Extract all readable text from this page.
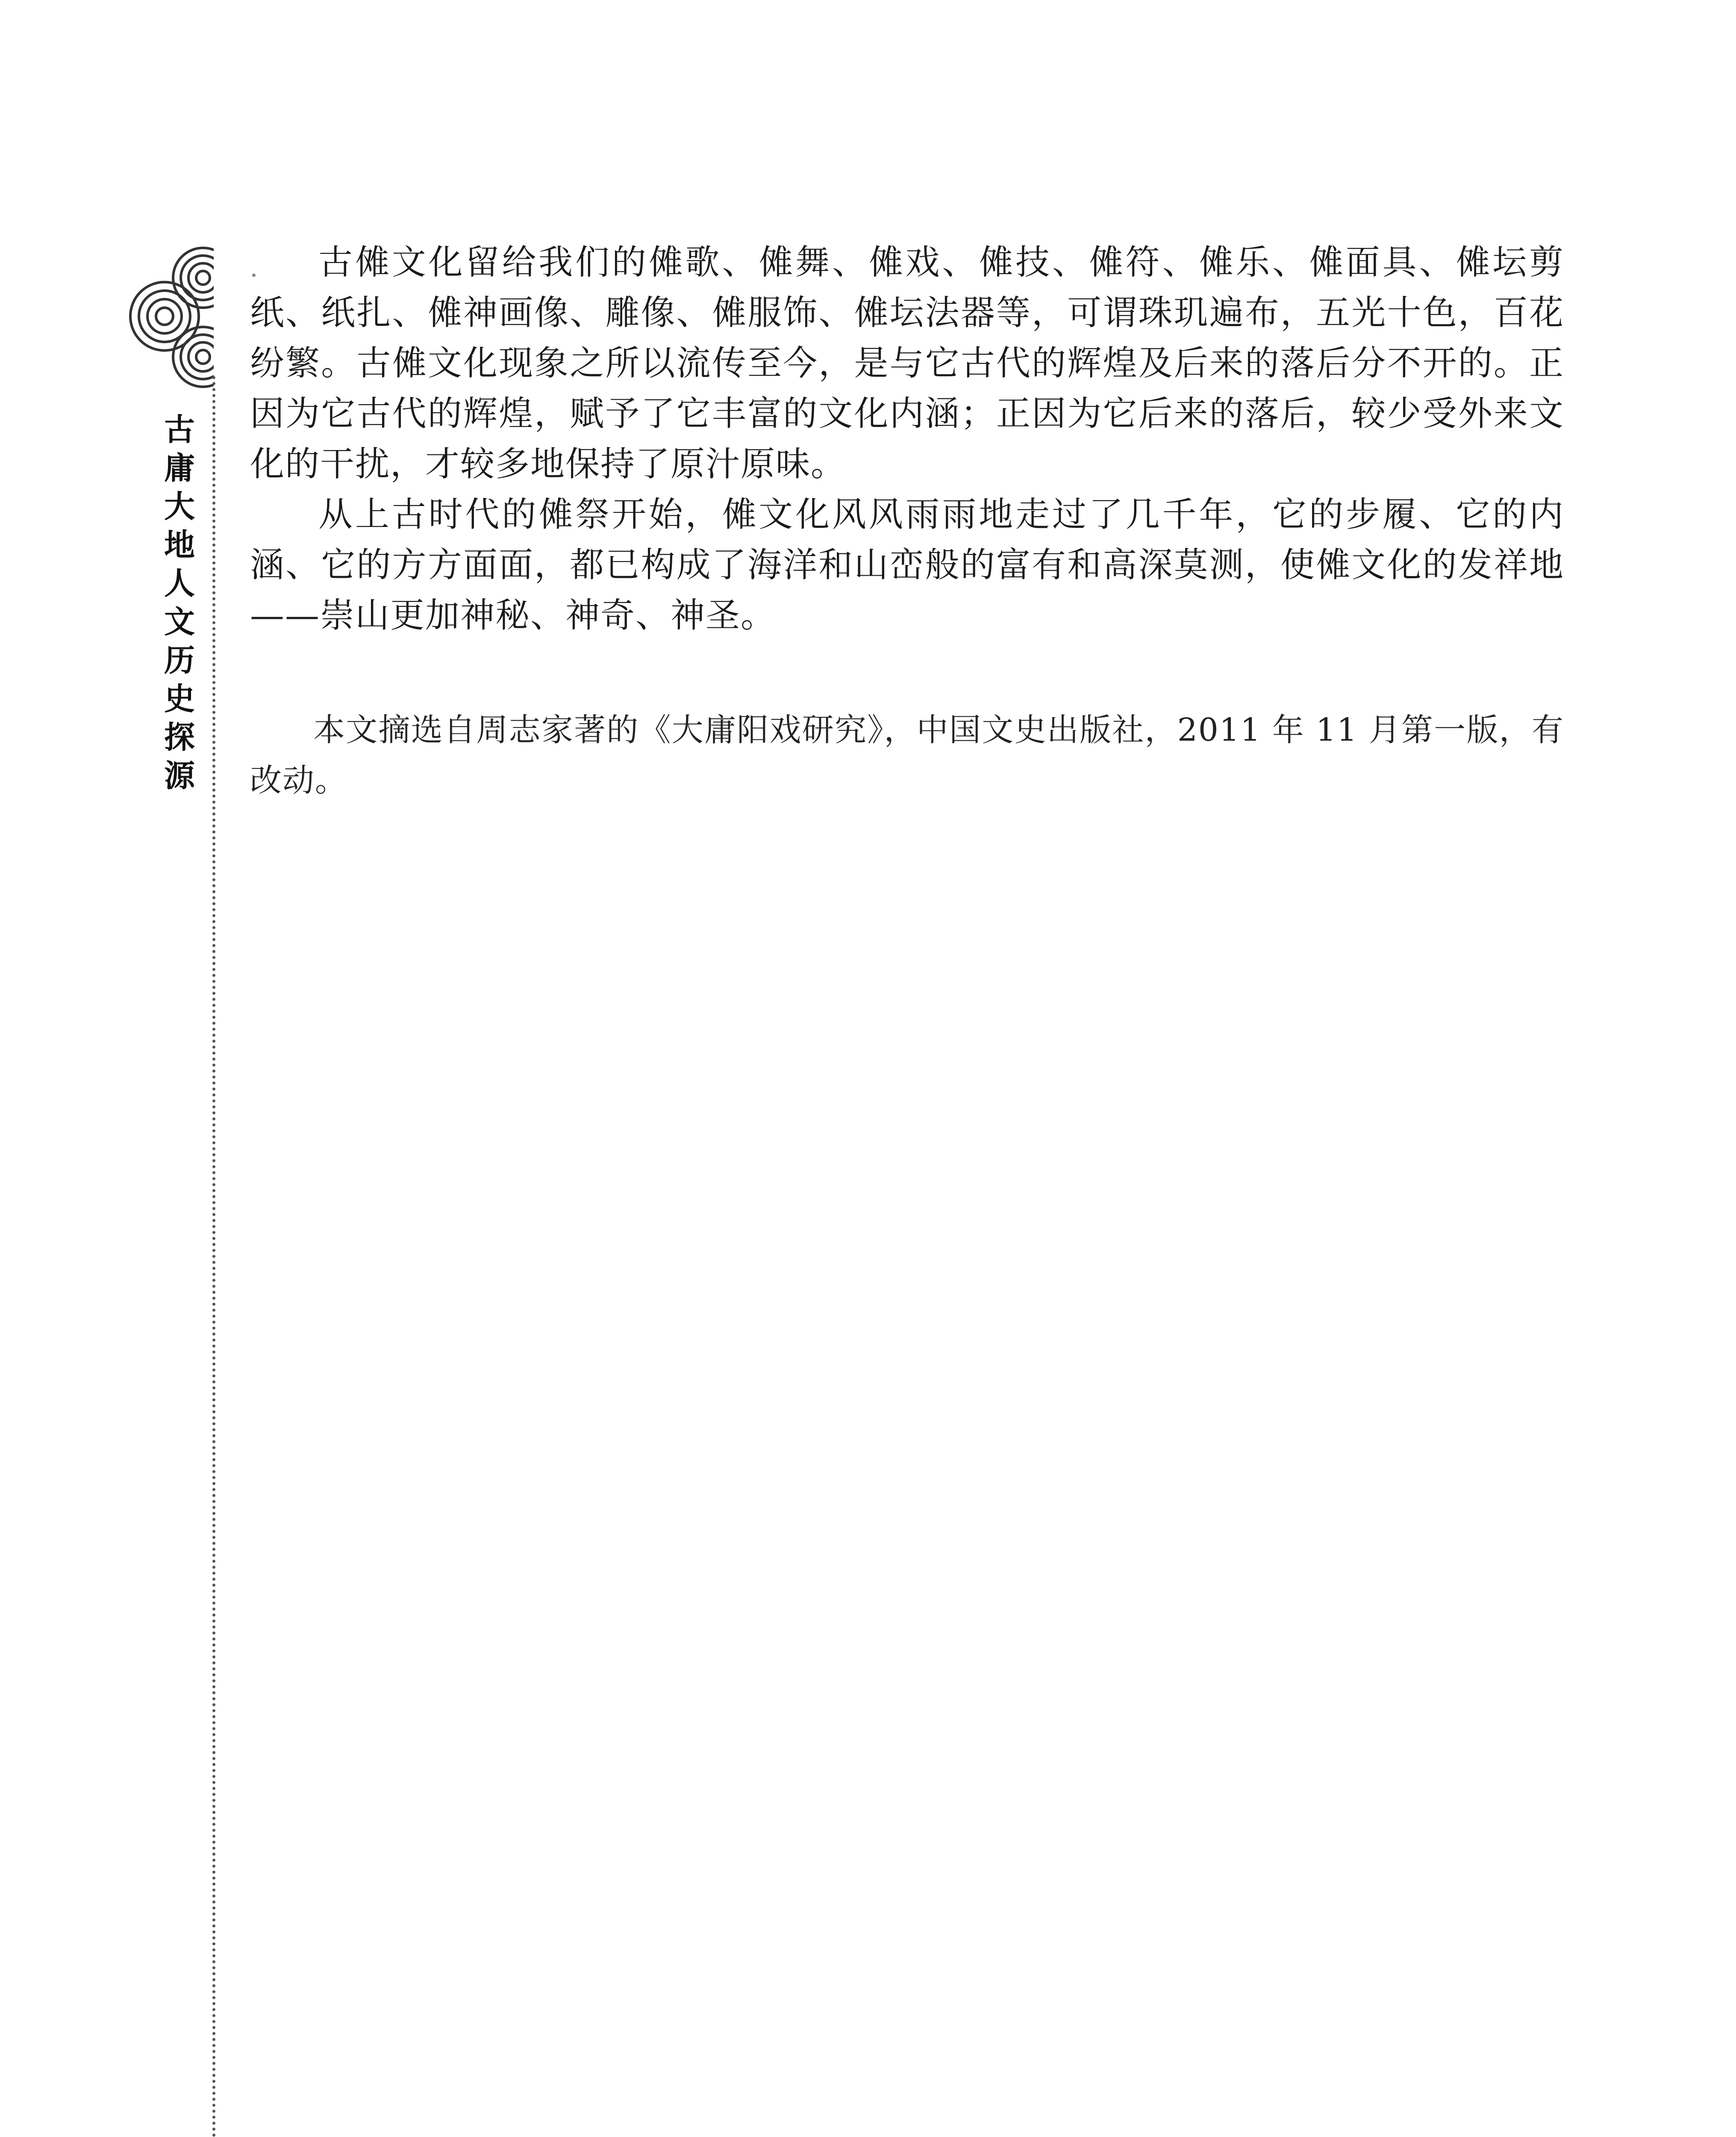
古
庸
大
地
人
文
历
史
探
源

古傩文化留给我们的傩歌、傩舞、傩戏、傩技、傩符、傩乐、傩面具、傩坛剪纸、纸扎、傩神画像、雕像、傩服饰、傩坛法器等，可谓珠玑遍布，五光十色，百花纷繁。古傩文化现象之所以流传至今，是与它古代的辉煌及后来的落后分不开的。正因为它古代的辉煌，赋予了它丰富的文化内涵；正因为它后来的落后，较少受外来文化的干扰，才较多地保持了原汁原味。

从上古时代的傩祭开始，傩文化风风雨雨地走过了几千年，它的步履、它的内涵、它的方方面面，都已构成了海洋和山峦般的富有和高深莫测，使傩文化的发祥地——崇山更加神秘、神奇、神圣。

本文摘选自周志家著的《大庸阳戏研究》，中国文史出版社，2011 年 11 月第一版，有改动。
